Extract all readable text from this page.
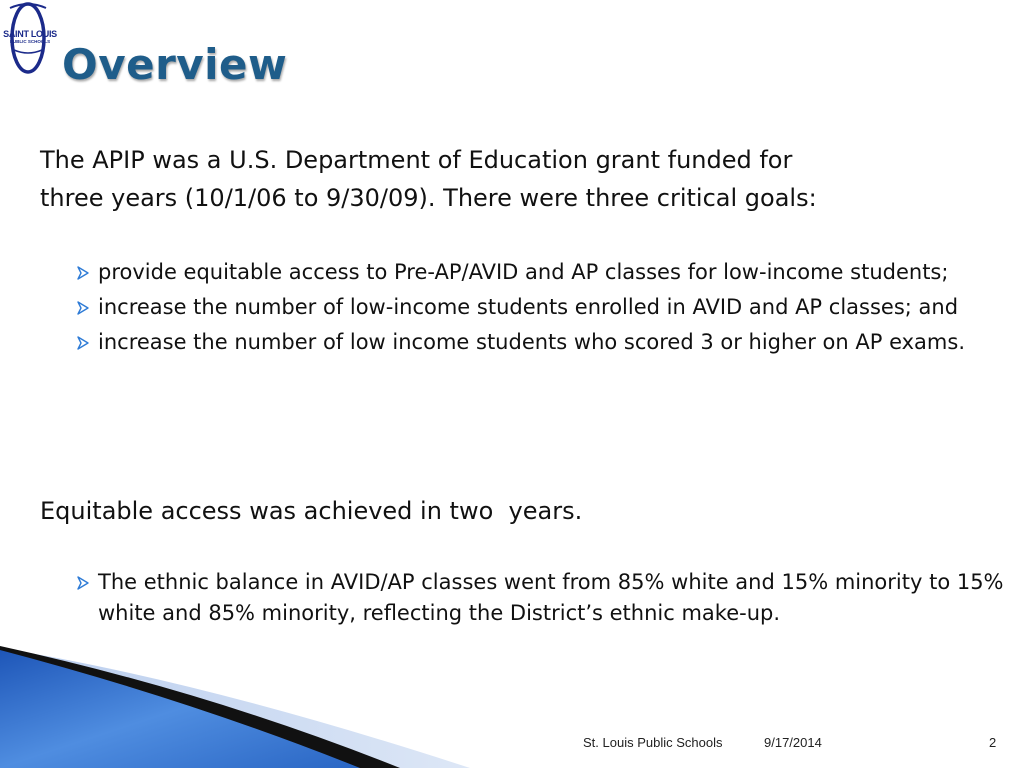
SAINT LOUIS
PUBLIC SCHOOLS Overview

The APIP was a U.S. Department of Education grant funded for
three years (10/1/06 to 9/30/09). There were three critical goals:

provide equitable access to Pre-AP/AVID and AP classes for low-income students;
increase the number of low-income students enrolled in AVID and AP classes; and
increase the number of low income students who scored 3 or higher on AP exams.

Equitable access was achieved in two  years.

The ethnic balance in AVID/AP classes went from 85% white and 15% minority to 15% white and 85% minority, reflecting the District’s ethnic make-up.
St. Louis Public Schools	9/17/2014	2
